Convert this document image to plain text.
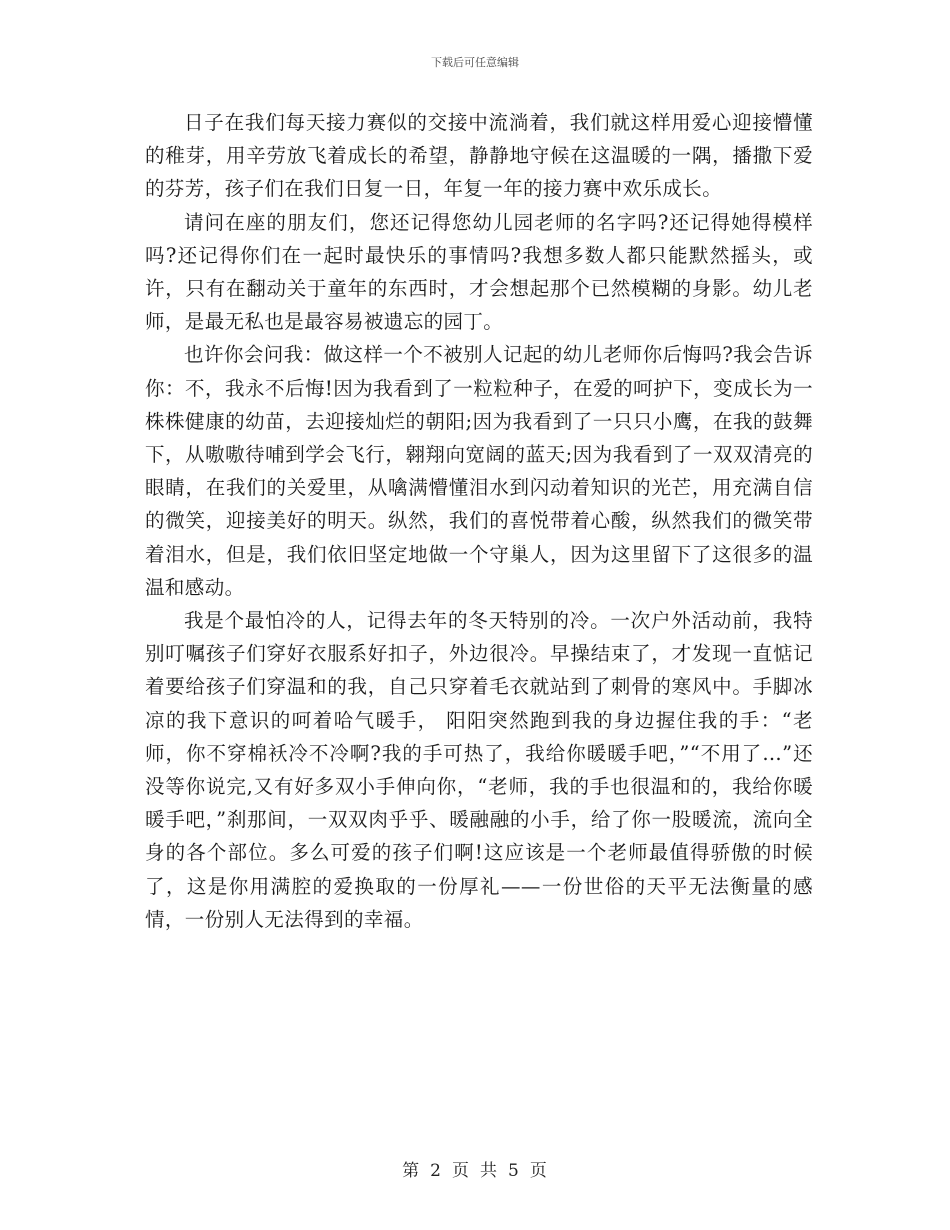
下载后可任意编辑

日子在我们每天接力赛似的交接中流淌着，我们就这样用爱心迎接懵懂的稚芽，用辛劳放飞着成长的希望，静静地守候在这温暖的一隅，播撒下爱的芬芳，孩子们在我们日复一日，年复一年的接力赛中欢乐成长。

请问在座的朋友们，您还记得您幼儿园老师的名字吗?还记得她得模样吗?还记得你们在一起时最快乐的事情吗?我想多数人都只能默然摇头，或许，只有在翻动关于童年的东西时，才会想起那个已然模糊的身影。幼儿老师，是最无私也是最容易被遗忘的园丁。

也许你会问我：做这样一个不被别人记起的幼儿老师你后悔吗?我会告诉你：不，我永不后悔!因为我看到了一粒粒种子，在爱的呵护下，变成长为一株株健康的幼苗，去迎接灿烂的朝阳;因为我看到了一只只小鹰，在我的鼓舞下，从嗷嗷待哺到学会飞行，翱翔向宽阔的蓝天;因为我看到了一双双清亮的眼睛，在我们的关爱里，从噙满懵懂泪水到闪动着知识的光芒，用充满自信的微笑，迎接美好的明天。纵然，我们的喜悦带着心酸，纵然我们的微笑带着泪水，但是，我们依旧坚定地做一个守巢人，因为这里留下了这很多的温温和感动。

我是个最怕冷的人，记得去年的冬天特别的冷。一次户外活动前，我特别叮嘱孩子们穿好衣服系好扣子，外边很冷。早操结束了，才发现一直惦记着要给孩子们穿温和的我，自己只穿着毛衣就站到了刺骨的寒风中。手脚冰凉的我下意识的呵着哈气暖手， 阳阳突然跑到我的身边握住我的手：“老师，你不穿棉袄冷不冷啊?我的手可热了，我给你暖暖手吧，”“不用了…”还没等你说完,又有好多双小手伸向你，“老师，我的手也很温和的，我给你暖暖手吧，”刹那间，一双双肉乎乎、暖融融的小手，给了你一股暖流，流向全身的各个部位。多么可爱的孩子们啊!这应该是一个老师最值得骄傲的时候了，这是你用满腔的爱换取的一份厚礼——一份世俗的天平无法衡量的感情，一份别人无法得到的幸福。

第 2 页 共 5 页
